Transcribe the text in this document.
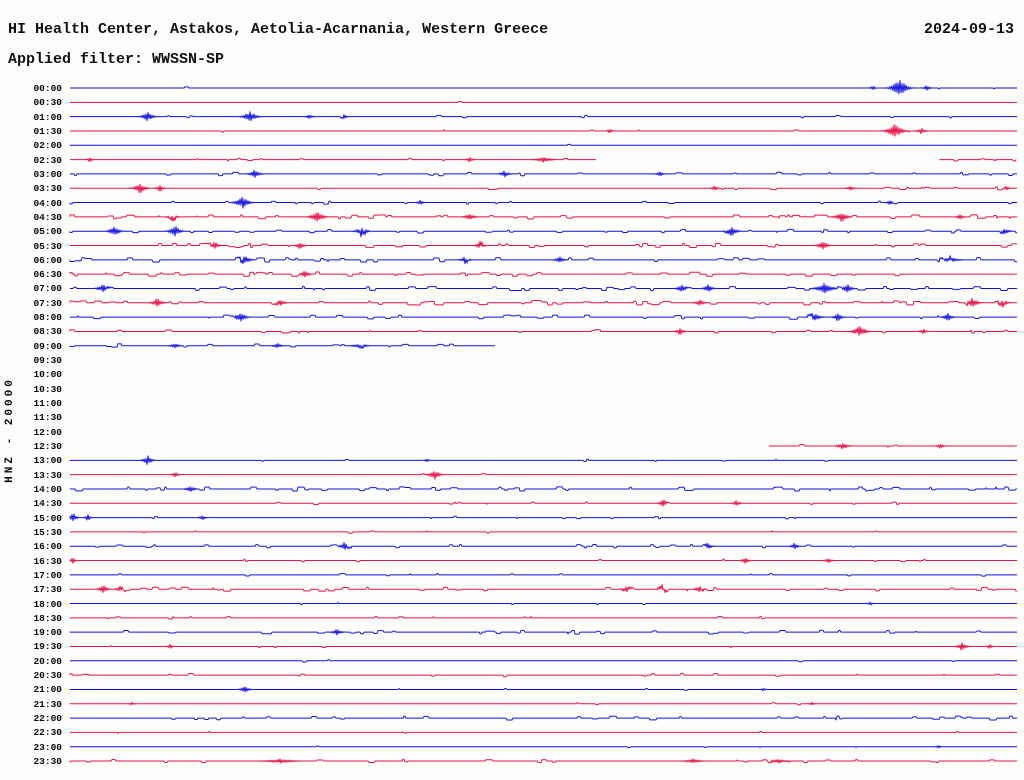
HI Health Center, Astakos, Aetolia-Acarnania, Western Greece
Applied filter: WWSSN-SP
2024-09-13
HNZ - 20000
00:00
00:30
01:00
01:30
02:00
02:30
03:00
03:30
04:00
04:30
05:00
05:30
06:00
06:30
07:00
07:30
08:00
08:30
09:00
09:30
10:00
10:30
11:00
11:30
12:00
12:30
13:00
13:30
14:00
14:30
15:00
15:30
16:00
16:30
17:00
17:30
18:00
18:30
19:00
19:30
20:00
20:30
21:00
21:30
22:00
22:30
23:00
23:30
